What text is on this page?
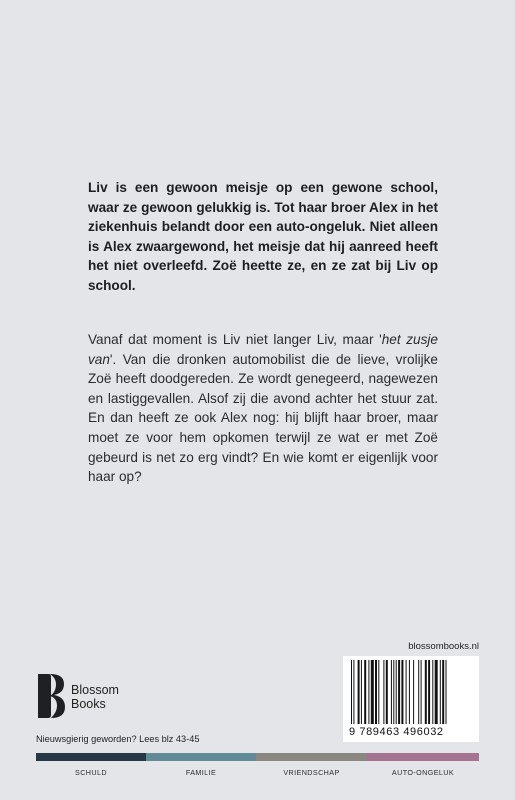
Liv is een gewoon meisje op een gewone school, waar ze gewoon gelukkig is. Tot haar broer Alex in het ziekenhuis belandt door een auto-ongeluk. Niet alleen is Alex zwaargewond, het meisje dat hij aanreed heeft het niet overleefd. Zoë heette ze, en ze zat bij Liv op school.
Vanaf dat moment is Liv niet langer Liv, maar 'het zusje van'. Van die dronken automobilist die de lieve, vrolijke Zoë heeft doodgereden. Ze wordt genegeerd, nagewezen en lastiggevallen. Alsof zij die avond achter het stuur zat. En dan heeft ze ook Alex nog: hij blijft haar broer, maar moet ze voor hem opkomen terwijl ze wat er met Zoë gebeurd is net zo erg vindt? En wie komt er eigenlijk voor haar op?
blossombooks.nl
Blossom
Books
9 789463 496032
Nieuwsgierig geworden? Lees blz 43-45
SCHULD	FAMILIE	VRIENDSCHAP	AUTO-ONGELUK
